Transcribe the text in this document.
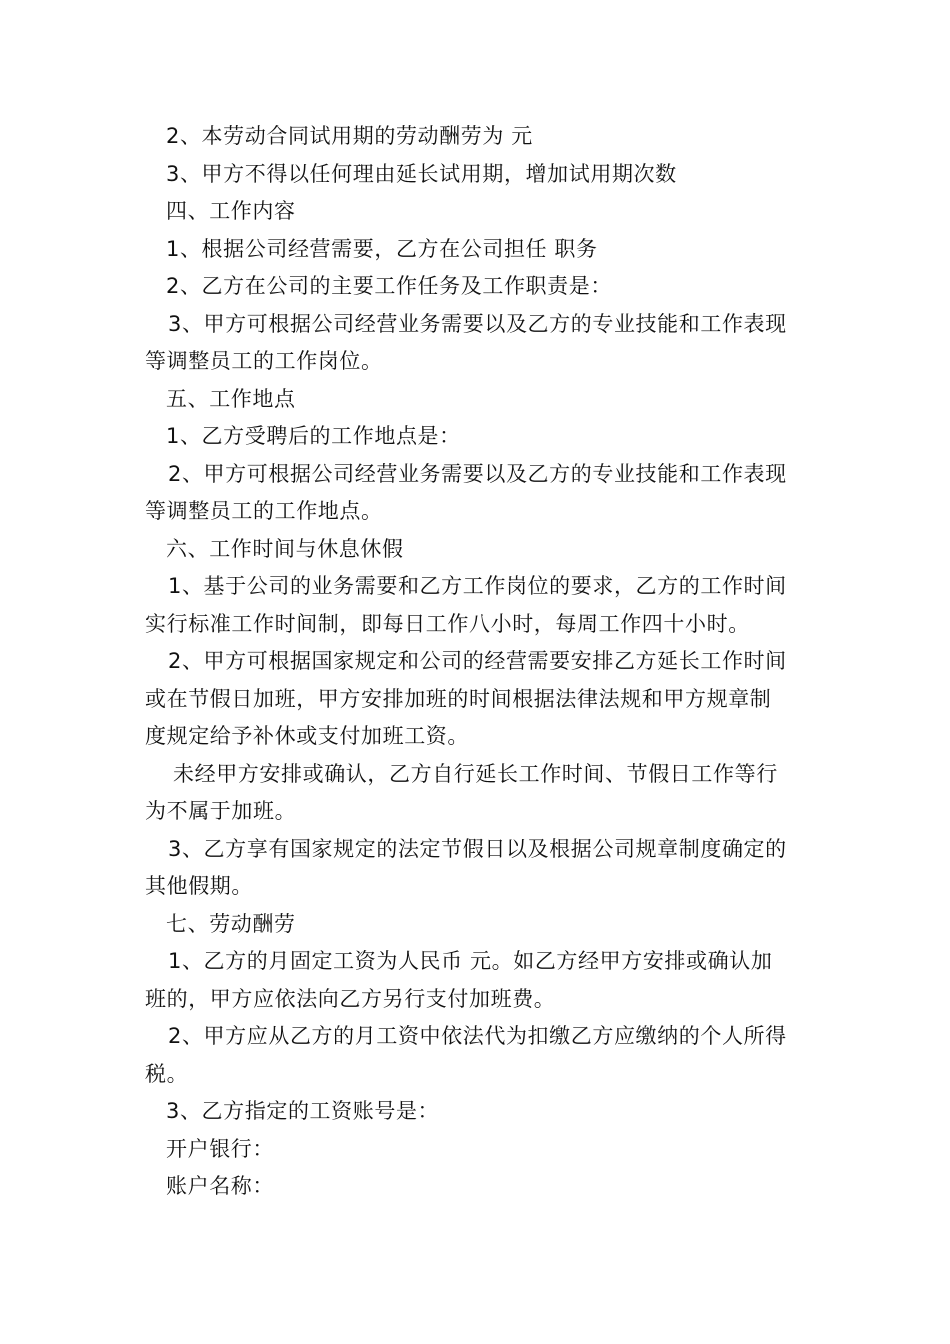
2、本劳动合同试用期的劳动酬劳为 元
3、甲方不得以任何理由延长试用期，增加试用期次数
四、工作内容
1、根据公司经营需要，乙方在公司担任 职务
2、乙方在公司的主要工作任务及工作职责是：
3、甲方可根据公司经营业务需要以及乙方的专业技能和工作表现
等调整员工的工作岗位。
五、工作地点
1、乙方受聘后的工作地点是：
2、甲方可根据公司经营业务需要以及乙方的专业技能和工作表现
等调整员工的工作地点。
六、工作时间与休息休假
1、基于公司的业务需要和乙方工作岗位的要求，乙方的工作时间
实行标准工作时间制，即每日工作八小时，每周工作四十小时。
2、甲方可根据国家规定和公司的经营需要安排乙方延长工作时间
或在节假日加班，甲方安排加班的时间根据法律法规和甲方规章制
度规定给予补休或支付加班工资。
未经甲方安排或确认，乙方自行延长工作时间、节假日工作等行
为不属于加班。
3、乙方享有国家规定的法定节假日以及根据公司规章制度确定的
其他假期。
七、劳动酬劳
1、乙方的月固定工资为人民币 元。如乙方经甲方安排或确认加
班的，甲方应依法向乙方另行支付加班费。
2、甲方应从乙方的月工资中依法代为扣缴乙方应缴纳的个人所得
税。
3、乙方指定的工资账号是：
开户银行：
账户名称：
